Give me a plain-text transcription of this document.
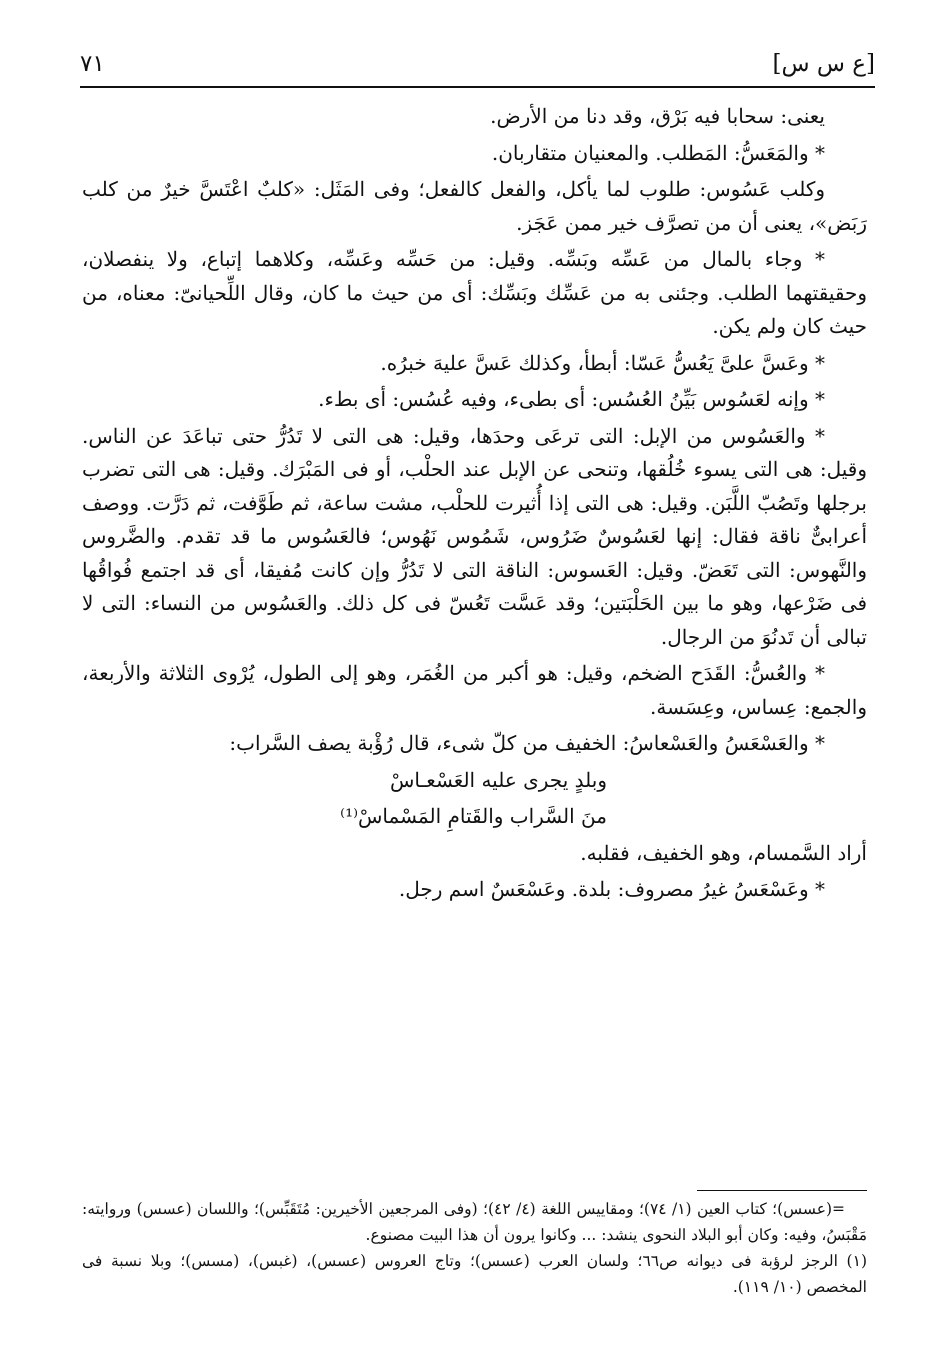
٧١	[ع س س]

يعنى: سحابا فيه بَرْق، وقد دنا من الأرض.

* والمَعَسُّ: المَطلب. والمعنيان متقاربان.

وكلب عَسُوس: طلوب لما يأكل، والفعل كالفعل؛ وفى المَثَل: «كلبٌ اعْتَسَّ خيرٌ من كلب رَبَض»، يعنى أن من تصرَّف خير ممن عَجَز.

* وجاء بالمال من عَسِّه وبَسِّه. وقيل: من حَسِّه وعَسِّه، وكلاهما إتباع، ولا ينفصلان، وحقيقتهما الطلب. وجئنى به من عَسِّك وبَسِّك: أى من حيث ما كان، وقال اللِّحيانىّ: معناه، من حيث كان ولم يكن.

* وعَسَّ علىَّ يَعُسُّ عَسّا: أبطأ، وكذلك عَسَّ عليهَ خبرُه.

* وإنه لعَسُوس بَيِّنُ العُسُس: أى بطىء، وفيه عُسُس: أى بطء.

* والعَسُوس من الإبل: التى ترعَى وحدَها، وقيل: هى التى لا تَدُرُّ حتى تباعَدَ عن الناس. وقيل: هى التى يسوء خُلُقها، وتنحى عن الإبل عند الحلْب، أو فى المَبْرَك. وقيل: هى التى تضرب برجلها وتَصُبّ اللَّبَن. وقيل: هى التى إذا أُثيرت للحلْب، مشت ساعة، ثم طَوَّفت، ثم دَرَّت. ووصف أعرابىٌّ ناقة فقال: إنها لعَسُوسٌ ضَرُوس، شَمُوس نَهُوس؛ فالعَسُوس ما قد تقدم. والضَّروس والنَّهوس: التى تَعَضّ. وقيل: العَسوس: الناقة التى لا تَدُرُّ وإن كانت مُفيقا، أى قد اجتمع فُواقُها فى ضَرْعها، وهو ما بين الحَلْبَتين؛ وقد عَسَّت تَعُسّ فى كل ذلك. والعَسُوس من النساء: التى لا تبالى أن تَدنُوَ من الرجال.

* والعُسُّ: القَدَح الضخم، وقيل: هو أكبر من الغُمَر، وهو إلى الطول، يُرْوى الثلاثة والأربعة، والجمع: عِساس، وعِسَسة.

* والعَسْعَسُ والعَسْعاسُ: الخفيف من كلّ شىء، قال رُؤْبة يصف السَّراب:

وبلدٍ يجرى عليه العَسْعـاسْ

منَ السَّراب والقَتامِ المَسْماسْ⁽¹⁾

أراد السَّمسام، وهو الخفيف، فقلبه.

* وعَسْعَسُ غيرُ مصروف: بلدة. وعَسْعَسٌ اسم رجل.

=(عسس)؛ كتاب العين (١/ ٧٤)؛ ومقاييس اللغة (٤/ ٤٢)؛ (وفى المرجعين الأخيرين: مُتَقَبِّس)؛ واللسان (عسس) وروايته: مَقْبَسُ، وفيه: وكان أبو البلاد النحوى ينشد: ... وكانوا يرون أن هذا البيت مصنوع.

(١) الرجز لرؤبة فى ديوانه ص٦٦؛ ولسان العرب (عسس)؛ وتاج العروس (عسس)، (غبس)، (مسس)؛ وبلا نسبة فى المخصص (١٠/ ١١٩).
